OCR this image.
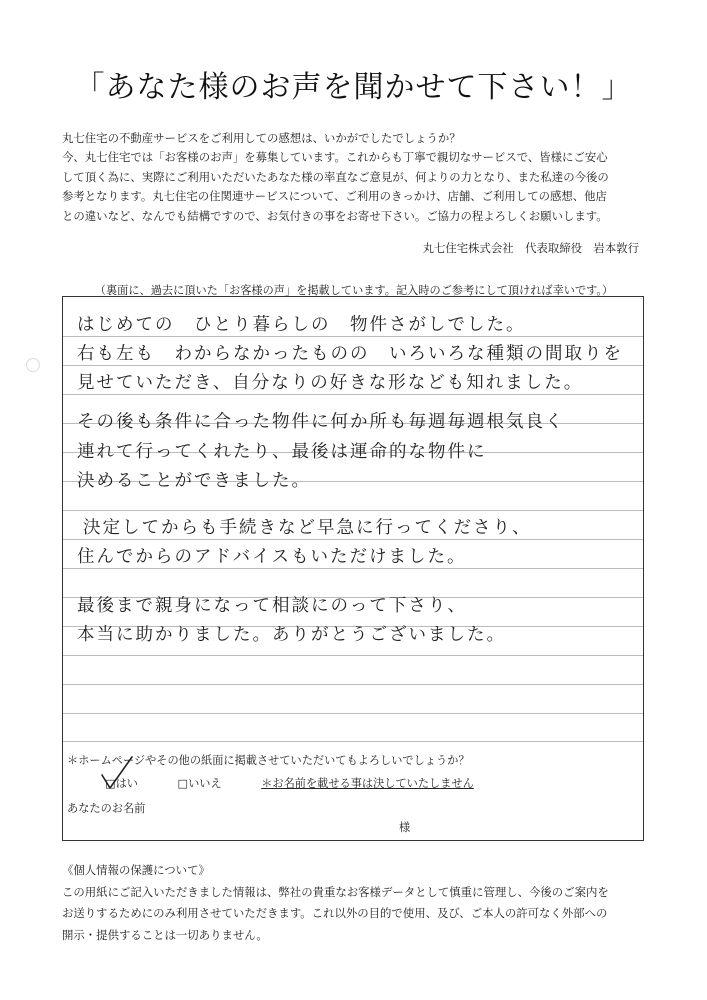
「あなた様のお声を聞かせて下さい！」

丸七住宅の不動産サービスをご利用しての感想は、いかがでしたでしょうか？

今、丸七住宅では「お客様のお声」を募集しています。これからも丁寧で親切なサービスで、皆様にご安心

して頂く為に、実際にご利用いただいたあなた様の率直なご意見が、何よりの力となり、また私達の今後の

参考となります。丸七住宅の住関連サービスについて、ご利用のきっかけ、店舗、ご利用しての感想、他店

との違いなど、なんでも結構ですので、お気付きの事をお寄せ下さい。ご協力の程よろしくお願いします。

丸七住宅株式会社　代表取締役　岩本敦行
（裏面に、過去に頂いた「お客様の声」を掲載しています。記入時のご参考にして頂ければ幸いです。）
はじめての　ひとり暮らしの　物件さがしでした。
右も左も　わからなかったものの　いろいろな種類の間取りを
見せていただき、自分なりの好きな形なども知れました。
その後も条件に合った物件に何か所も毎週毎週根気良く
連れて行ってくれたり、最後は運命的な物件に
決めることができました。
決定してからも手続きなど早急に行ってくださり、
住んでからのアドバイスもいただけました。
最後まで親身になって相談にのって下さり、
本当に助かりました。ありがとうございました。
＊ホームページやその他の紙面に掲載させていただいてもよろしいでしょうか？
□はい	□いいえ	＊お名前を載せる事は決していたしません
あなたのお名前
様

《個人情報の保護について》

この用紙にご記入いただきました情報は、弊社の貴重なお客様データとして慎重に管理し、今後のご案内を

お送りするためにのみ利用させていただきます。これ以外の目的で使用、及び、ご本人の許可なく外部への

開示・提供することは一切ありません。
